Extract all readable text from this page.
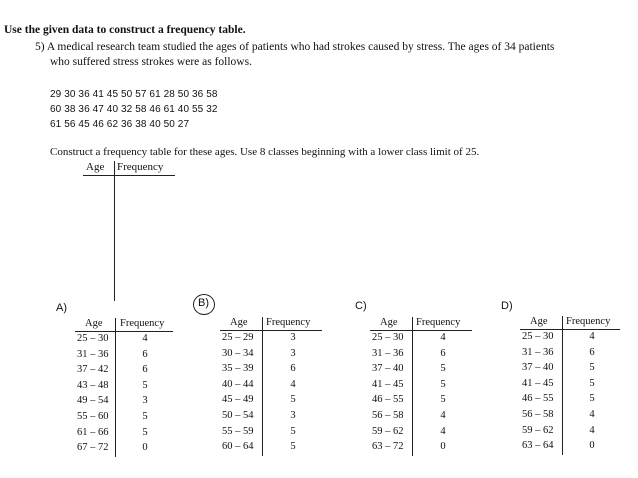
Use the given data to construct a frequency table.
5) A medical research team studied the ages of patients who had strokes caused by stress. The ages of 34 patients
who suffered stress strokes were as follows.
29 30 36 41 45 50 57 61 28 50 36 58
60 38 36 47 40 32 58 46 61 40 55 32
61 56 45 46 62 36 38 40 50 27
Construct a frequency table for these ages. Use 8 classes beginning with a lower class limit of 25.
Age Frequency
A)	B)	C)	D)
Age Frequency
25 – 30	4
31 – 36	6
37 – 42	6
43 – 48	5
49 – 54	3
55 – 60	5
61 – 66	5
67 – 72	0
Age Frequency
25 – 29	3
30 – 34	3
35 – 39	6
40 – 44	4
45 – 49	5
50 – 54	3
55 – 59	5
60 – 64	5
Age Frequency
25 – 30	4
31 – 36	6
37 – 40	5
41 – 45	5
46 – 55	5
56 – 58	4
59 – 62	4
63 – 72	0
Age Frequency
25 – 30	4
31 – 36	6
37 – 40	5
41 – 45	5
46 – 55	5
56 – 58	4
59 – 62	4
63 – 64	0
